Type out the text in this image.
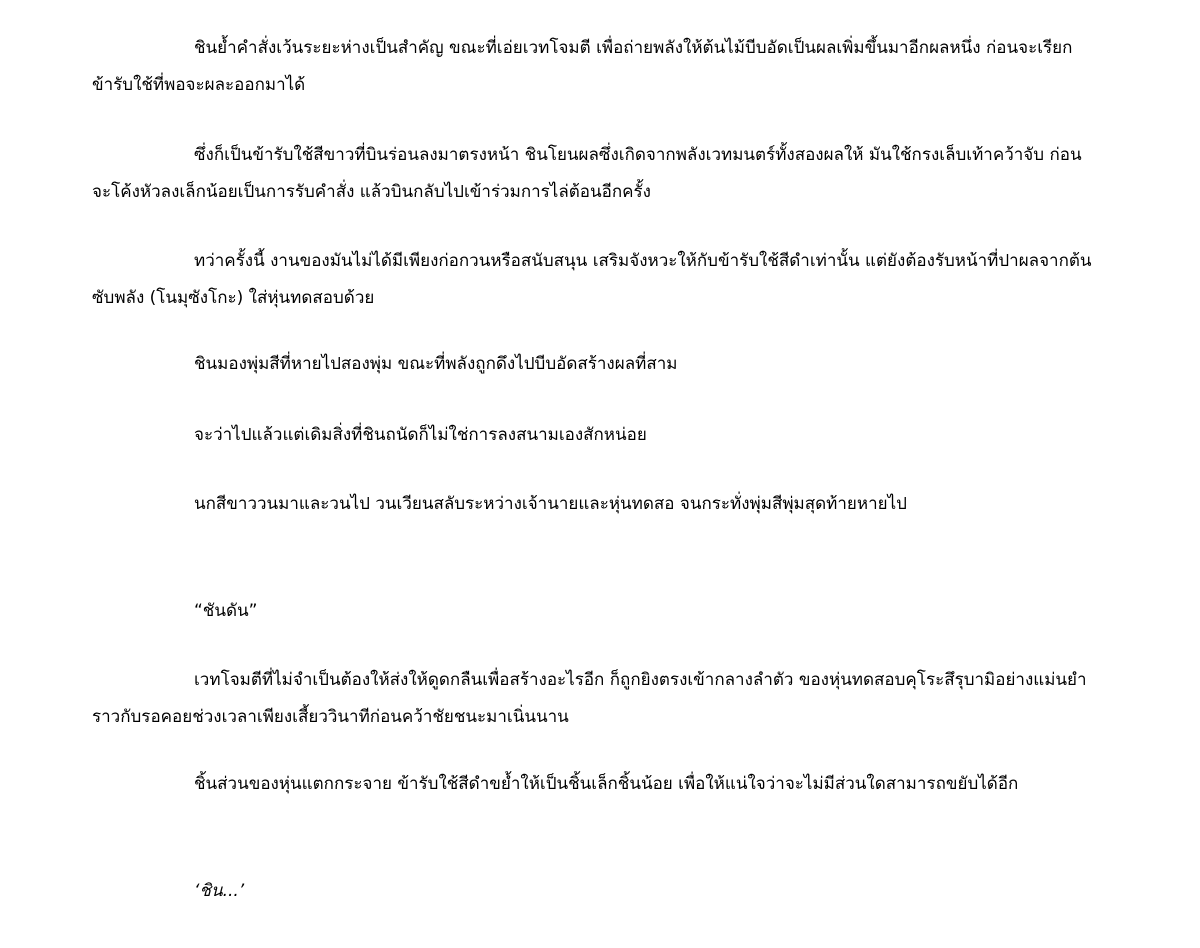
ชินย้ำคำสั่งเว้นระยะห่างเป็นสำคัญ ขณะที่เอ่ยเวทโจมตี เพื่อถ่ายพลังให้ต้นไม้บีบอัดเป็นผลเพิ่มขึ้นมาอีกผลหนึ่ง ก่อนจะเรียกข้ารับใช้ที่พอจะผละออกมาได้

ซึ่งก็เป็นข้ารับใช้สีขาวที่บินร่อนลงมาตรงหน้า ชินโยนผลซึ่งเกิดจากพลังเวทมนตร์ทั้งสองผลให้ มันใช้กรงเล็บเท้าคว้าจับ ก่อนจะโค้งหัวลงเล็กน้อยเป็นการรับคำสั่ง แล้วบินกลับไปเข้าร่วมการไล่ต้อนอีกครั้ง

ทว่าครั้งนี้ งานของมันไม่ได้มีเพียงก่อกวนหรือสนับสนุน เสริมจังหวะให้กับข้ารับใช้สีดำเท่านั้น แต่ยังต้องรับหน้าที่ปาผลจากต้นซับพลัง (โนมุซังโกะ) ใส่หุ่นทดสอบด้วย

ชินมองพุ่มสีที่หายไปสองพุ่ม ขณะที่พลังถูกดึงไปบีบอัดสร้างผลที่สาม

จะว่าไปแล้วแต่เดิมสิ่งที่ชินถนัดก็ไม่ใช่การลงสนามเองสักหน่อย

นกสีขาววนมาและวนไป วนเวียนสลับระหว่างเจ้านายและหุ่นทดสอ จนกระทั่งพุ่มสีพุ่มสุดท้ายหายไป

“ชันดัน”

เวทโจมตีที่ไม่จำเป็นต้องให้ส่งให้ดูดกลืนเพื่อสร้างอะไรอีก ก็ถูกยิงตรงเข้ากลางลำตัว ของหุ่นทดสอบคุโระสึรุบามิอย่างแม่นยำ ราวกับรอคอยช่วงเวลาเพียงเสี้ยววินาทีก่อนคว้าชัยชนะมาเนิ่นนาน

ชิ้นส่วนของหุ่นแตกกระจาย ข้ารับใช้สีดำขย้ำให้เป็นชิ้นเล็กชิ้นน้อย เพื่อให้แน่ใจว่าจะไม่มีส่วนใดสามารถขยับได้อีก

‘ชิน...’
